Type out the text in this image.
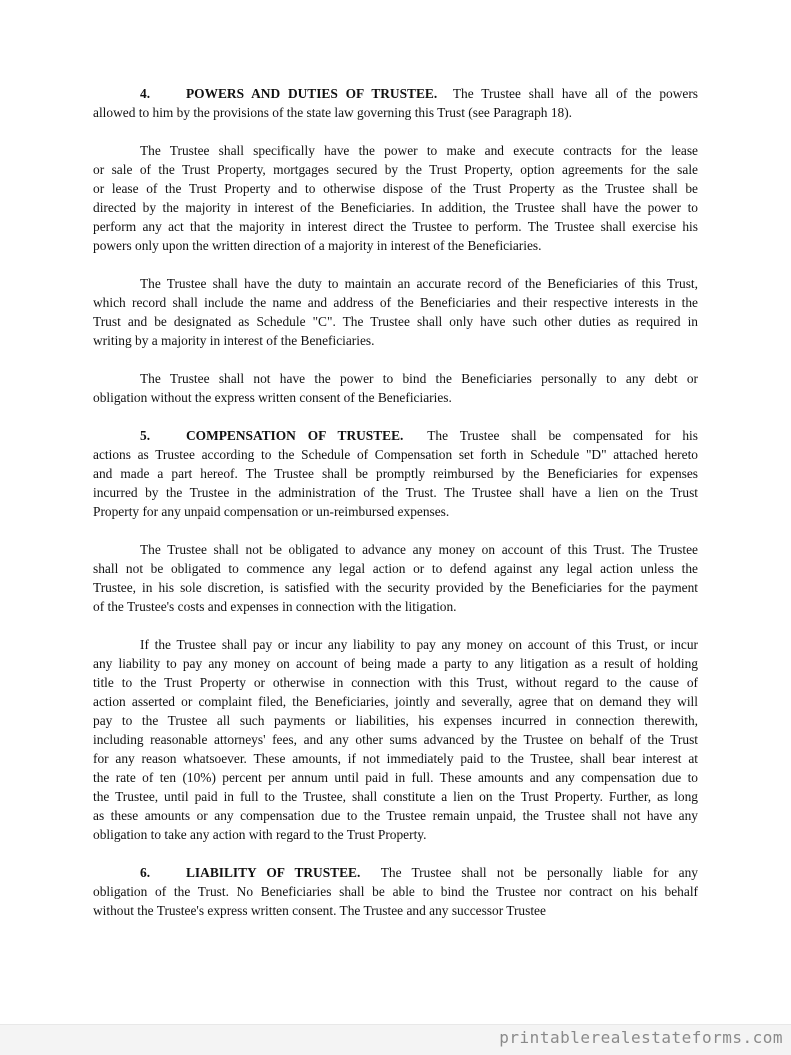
4.	POWERS AND DUTIES OF TRUSTEE. The Trustee shall have all of the powers
allowed to him by the provisions of the state law governing this Trust (see Paragraph 18).
The Trustee shall specifically have the power to make and execute contracts for the lease
or sale of the Trust Property, mortgages secured by the Trust Property, option agreements for the sale
or lease of the Trust Property and to otherwise dispose of the Trust Property as the Trustee shall be
directed by the majority in interest of the Beneficiaries. In addition, the Trustee shall have the power to
perform any act that the majority in interest direct the Trustee to perform. The Trustee shall exercise his
powers only upon the written direction of a majority in interest of the Beneficiaries.
The Trustee shall have the duty to maintain an accurate record of the Beneficiaries of this Trust,
which record shall include the name and address of the Beneficiaries and their respective interests in the
Trust and be designated as Schedule "C". The Trustee shall only have such other duties as required in
writing by a majority in interest of the Beneficiaries.
The Trustee shall not have the power to bind the Beneficiaries personally to any debt or
obligation without the express written consent of the Beneficiaries.
5.	COMPENSATION OF TRUSTEE. The Trustee shall be compensated for his
actions as Trustee according to the Schedule of Compensation set forth in Schedule "D" attached hereto
and made a part hereof. The Trustee shall be promptly reimbursed by the Beneficiaries for expenses
incurred by the Trustee in the administration of the Trust. The Trustee shall have a lien on the Trust
Property for any unpaid compensation or un-reimbursed expenses.
The Trustee shall not be obligated to advance any money on account of this Trust. The Trustee
shall not be obligated to commence any legal action or to defend against any legal action unless the
Trustee, in his sole discretion, is satisfied with the security provided by the Beneficiaries for the payment
of the Trustee's costs and expenses in connection with the litigation.
If the Trustee shall pay or incur any liability to pay any money on account of this Trust, or incur
any liability to pay any money on account of being made a party to any litigation as a result of holding
title to the Trust Property or otherwise in connection with this Trust, without regard to the cause of
action asserted or complaint filed, the Beneficiaries, jointly and severally, agree that on demand they will
pay to the Trustee all such payments or liabilities, his expenses incurred in connection therewith,
including reasonable attorneys' fees, and any other sums advanced by the Trustee on behalf of the Trust
for any reason whatsoever. These amounts, if not immediately paid to the Trustee, shall bear interest at
the rate of ten (10%) percent per annum until paid in full. These amounts and any compensation due to
the Trustee, until paid in full to the Trustee, shall constitute a lien on the Trust Property. Further, as long
as these amounts or any compensation due to the Trustee remain unpaid, the Trustee shall not have any
obligation to take any action with regard to the Trust Property.
6.	LIABILITY OF TRUSTEE. The Trustee shall not be personally liable for any
obligation of the Trust. No Beneficiaries shall be able to bind the Trustee nor contract on his behalf
without the Trustee's express written consent. The Trustee and any successor Trustee
printablerealestateforms.com
